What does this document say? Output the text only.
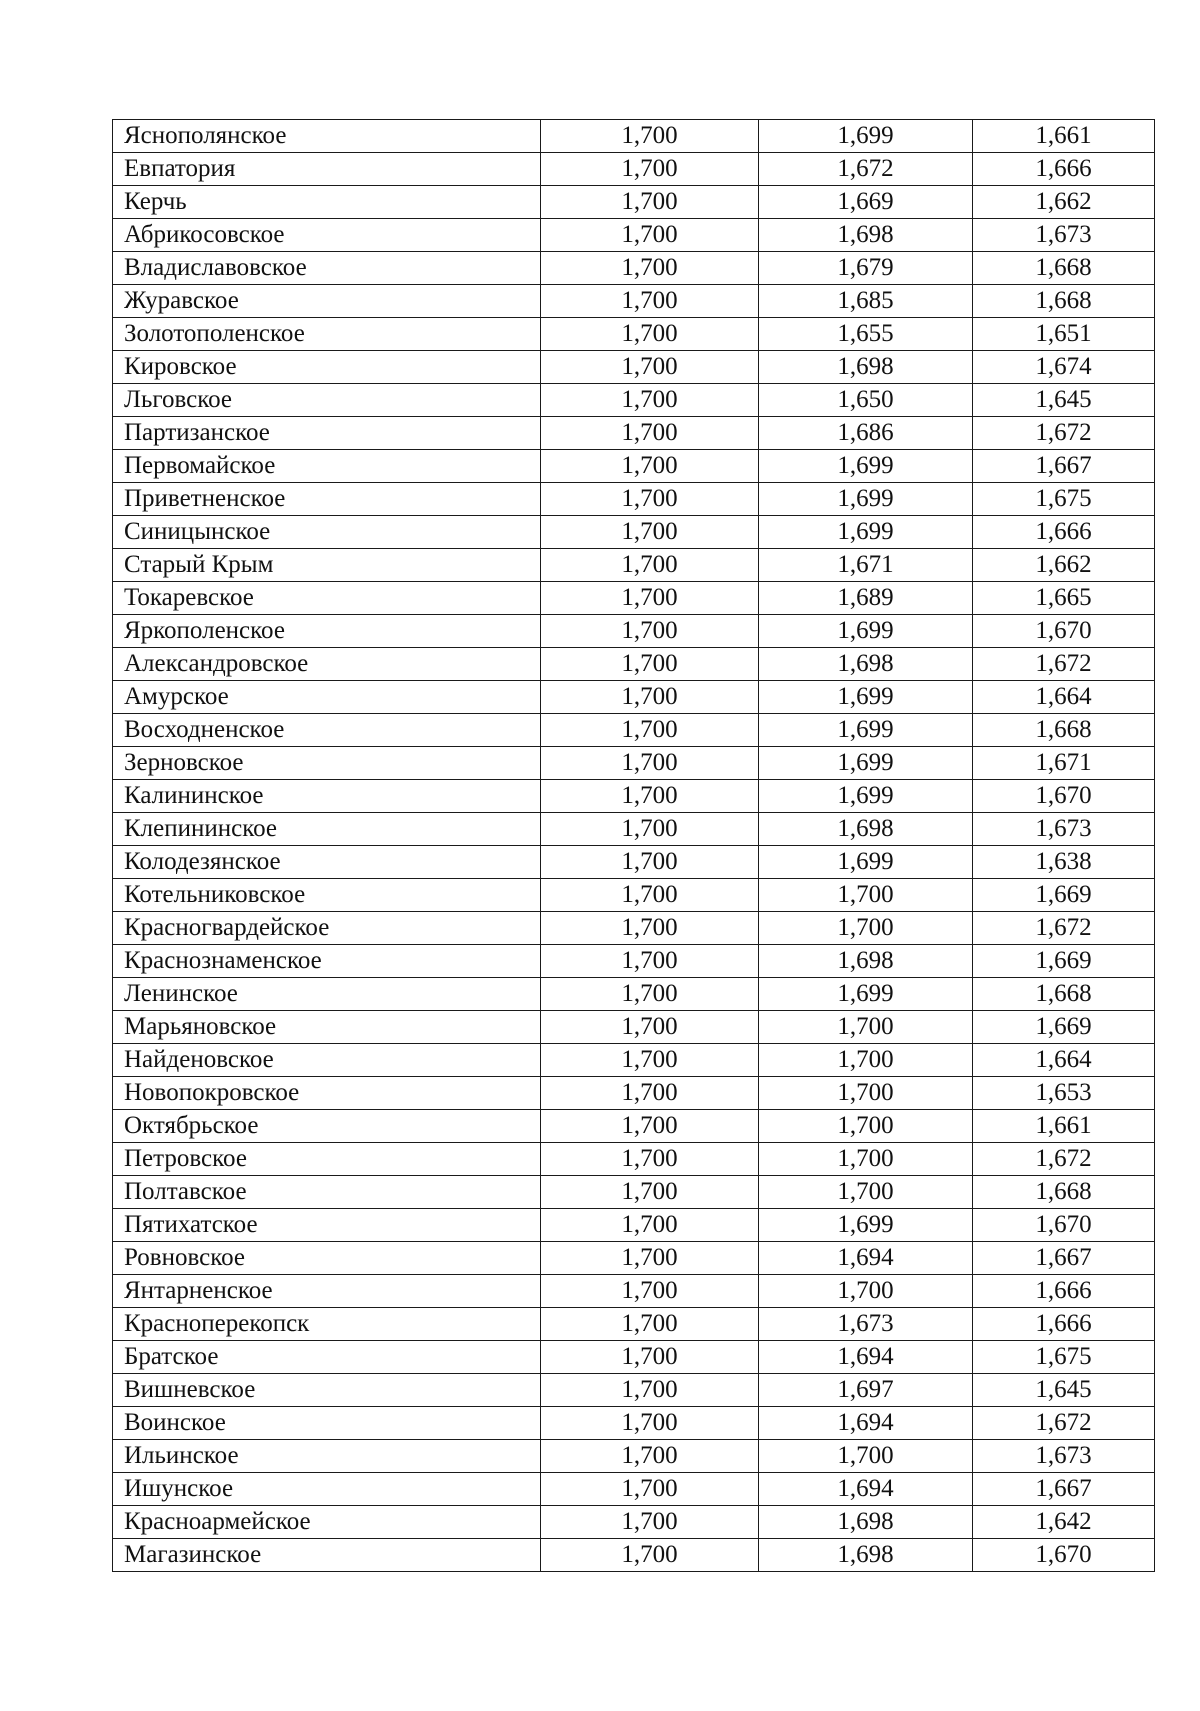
Яснополянское	1,700	1,699	1,661
Евпатория	1,700	1,672	1,666
Керчь	1,700	1,669	1,662
Абрикосовское	1,700	1,698	1,673
Владиславовское	1,700	1,679	1,668
Журавское	1,700	1,685	1,668
Золотополенское	1,700	1,655	1,651
Кировское	1,700	1,698	1,674
Льговское	1,700	1,650	1,645
Партизанское	1,700	1,686	1,672
Первомайское	1,700	1,699	1,667
Приветненское	1,700	1,699	1,675
Синицынское	1,700	1,699	1,666
Старый Крым	1,700	1,671	1,662
Токаревское	1,700	1,689	1,665
Яркополенское	1,700	1,699	1,670
Александровское	1,700	1,698	1,672
Амурское	1,700	1,699	1,664
Восходненское	1,700	1,699	1,668
Зерновское	1,700	1,699	1,671
Калининское	1,700	1,699	1,670
Клепининское	1,700	1,698	1,673
Колодезянское	1,700	1,699	1,638
Котельниковское	1,700	1,700	1,669
Красногвардейское	1,700	1,700	1,672
Краснознаменское	1,700	1,698	1,669
Ленинское	1,700	1,699	1,668
Марьяновское	1,700	1,700	1,669
Найденовское	1,700	1,700	1,664
Новопокровское	1,700	1,700	1,653
Октябрьское	1,700	1,700	1,661
Петровское	1,700	1,700	1,672
Полтавское	1,700	1,700	1,668
Пятихатское	1,700	1,699	1,670
Ровновское	1,700	1,694	1,667
Янтарненское	1,700	1,700	1,666
Красноперекопск	1,700	1,673	1,666
Братское	1,700	1,694	1,675
Вишневское	1,700	1,697	1,645
Воинское	1,700	1,694	1,672
Ильинское	1,700	1,700	1,673
Ишунское	1,700	1,694	1,667
Красноармейское	1,700	1,698	1,642
Магазинское	1,700	1,698	1,670
